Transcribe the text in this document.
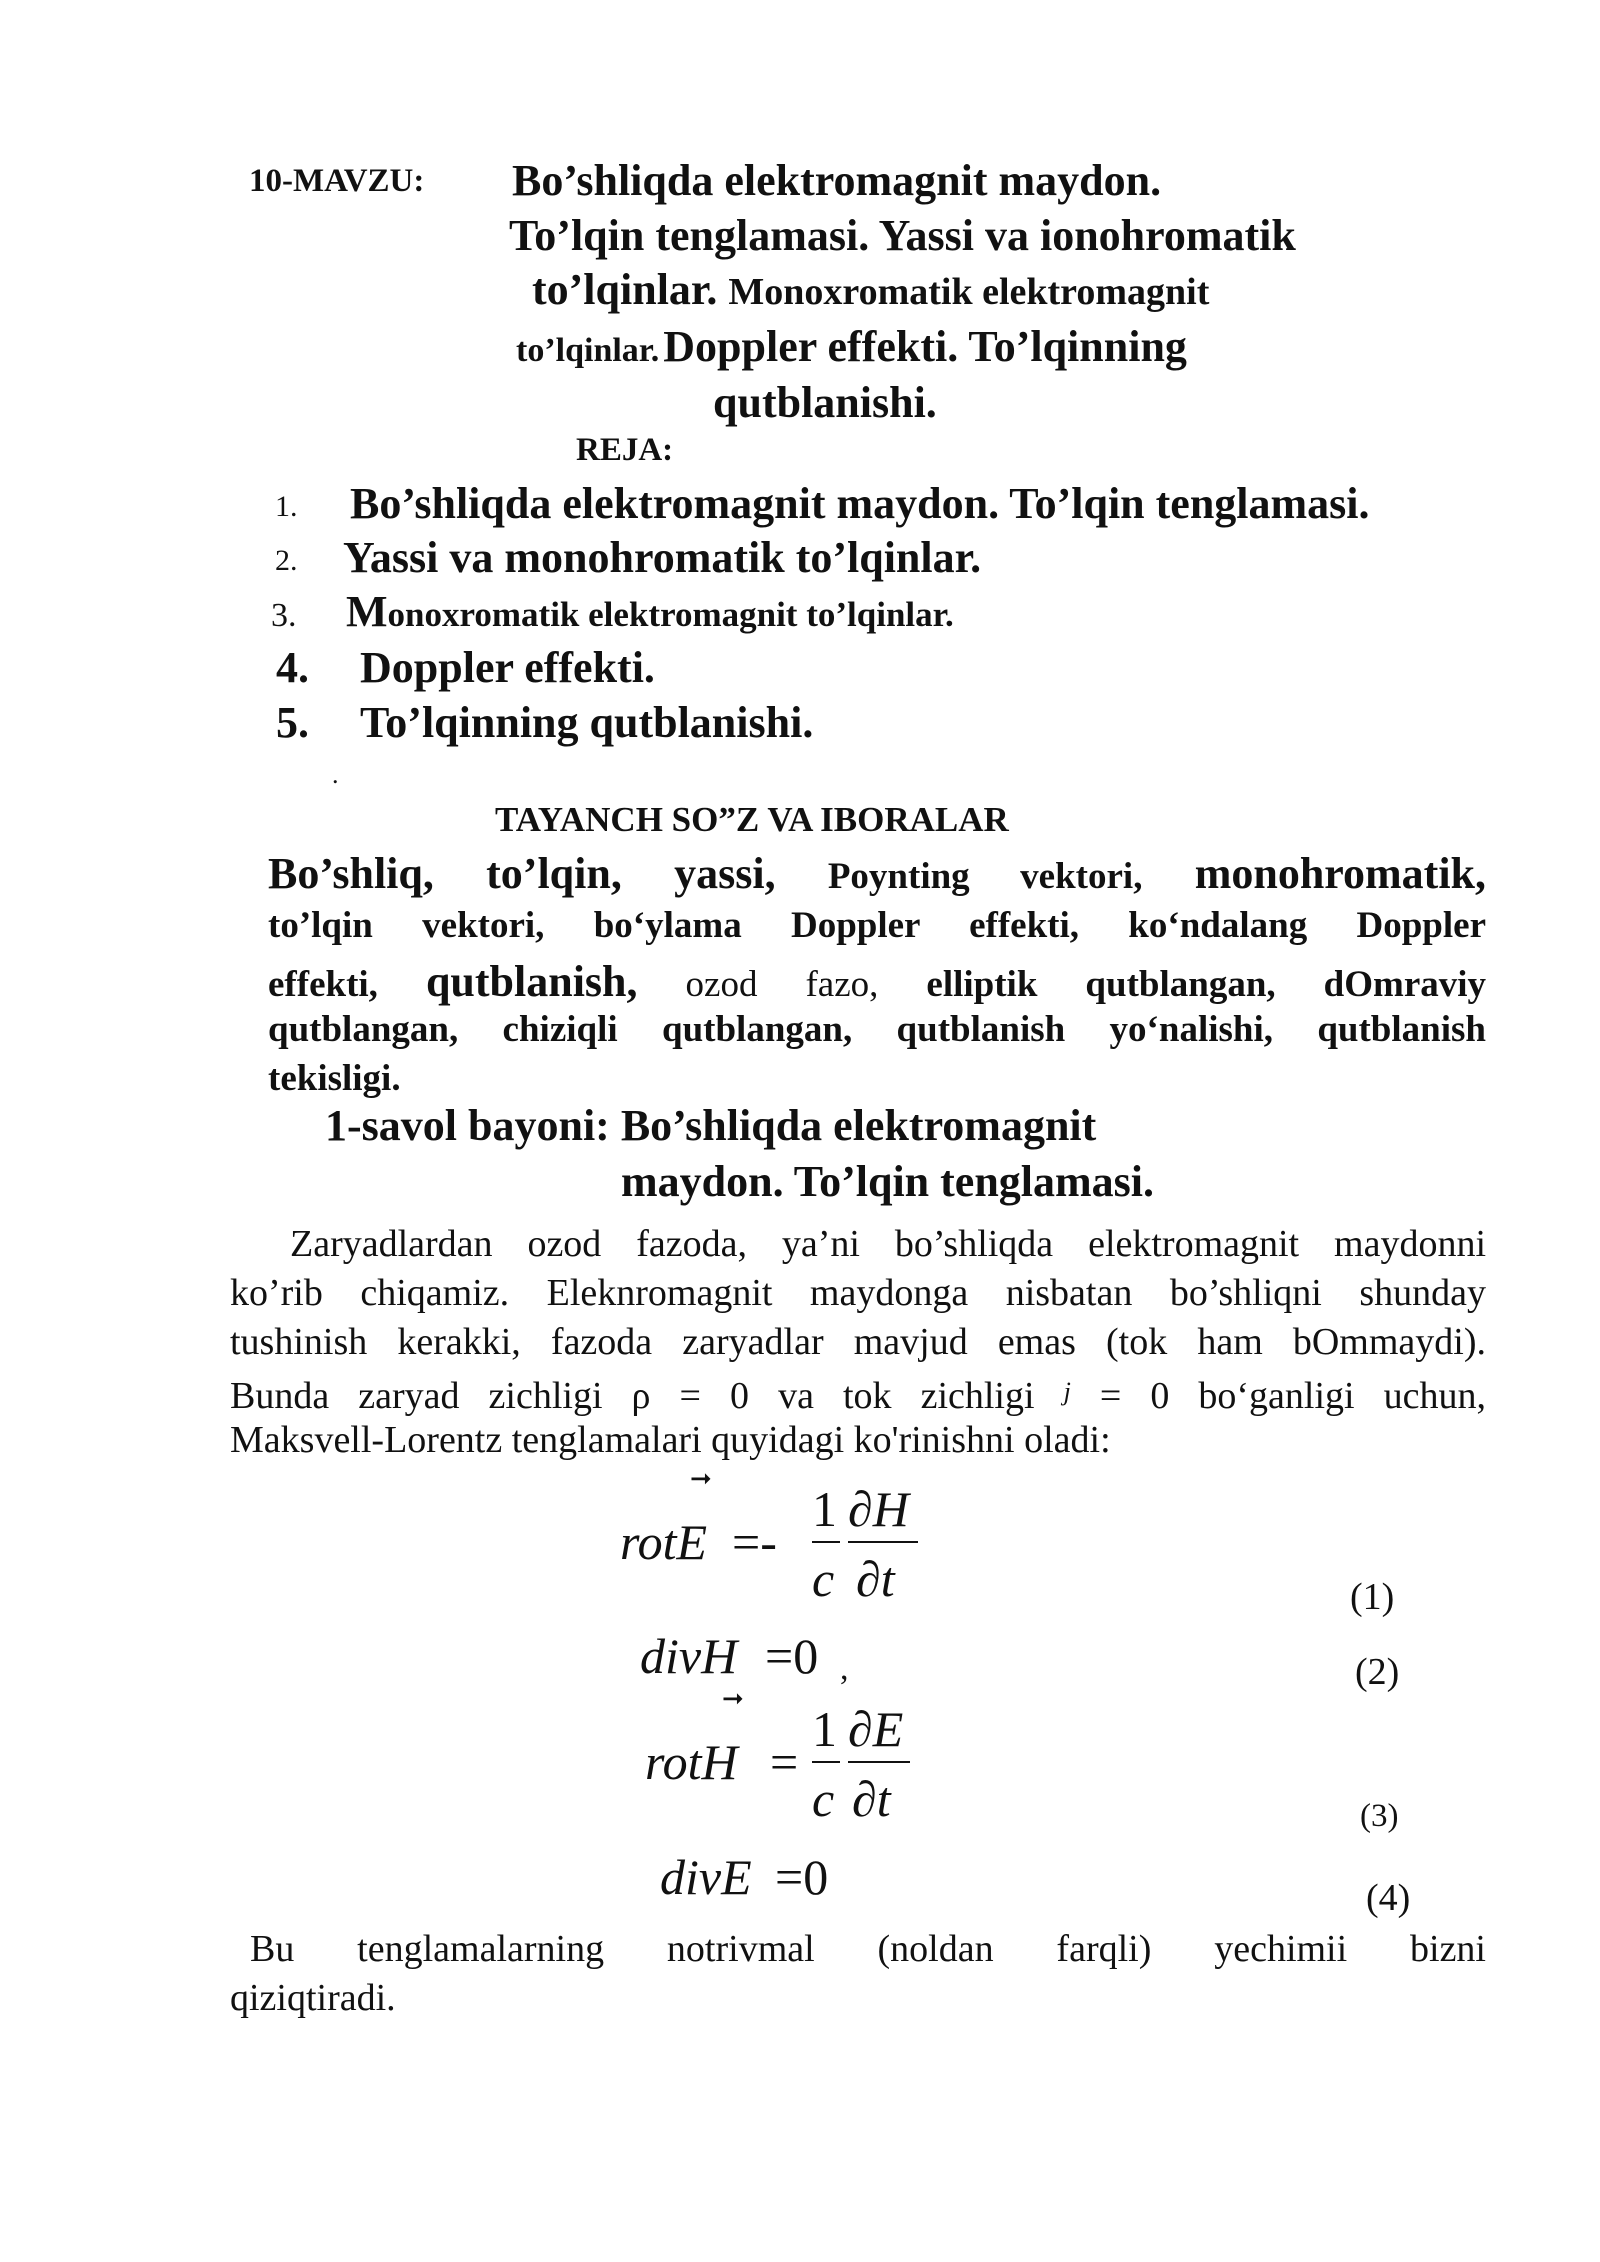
10-MAVZU: Bo’shliqda elektromagnit maydon.
To’lqin tenglamasi. Yassi va ionohromatik
to’lqinlar. Monoxromatik elektromagnit
to’lqinlar. Doppler effekti. To’lqinning
qutblanishi.
REJA:
1. Bo’shliqda elektromagnit maydon. To’lqin tenglamasi.
2. Yassi va monohromatik to’lqinlar.
3. Monoxromatik elektromagnit to’lqinlar.
4. Doppler effekti.
5. To’lqinning qutblanishi.
.
TAYANCH SO”Z VA IBORALAR
Bo’shliq, to’lqin, yassi, Poynting vektori, monohromatik,
to’lqin vektori, bo‘ylama Doppler effekti, ko‘ndalang Doppler
effekti, qutblanish, ozod fazo, elliptik qutblangan, dOmraviy
qutblangan, chiziqli qutblangan, qutblanish yo‘nalishi, qutblanish
tekisligi.
1-savol bayoni: Bo’shliqda elektromagnit
maydon. To’lqin tenglamasi.
Zaryadlardan ozod fazoda, ya’ni bo’shliqda elektromagnit maydonni
ko’rib chiqamiz. Eleknromagnit maydonga nisbatan bo’shliqni shunday
tushinish kerakki, fazoda zaryadlar mavjud emas (tok ham bOmmaydi).
Bunda zaryad zichligi ρ = 0 va tok zichligi $^j$ = 0 bo‘ganligi uchun,
Maksvell-Lorentz tenglamalari quyidagi ko'rinishni oladi:
➞
rotE =-
1
c
∂H
∂t	(1)
divH =0 ,	(2)
➞
rotH =
1
c
∂E
∂t	(3)
divE =0	(4)
Bu tenglamalarning notrivmal (noldan farqli) yechimii bizni
qiziqtiradi.
